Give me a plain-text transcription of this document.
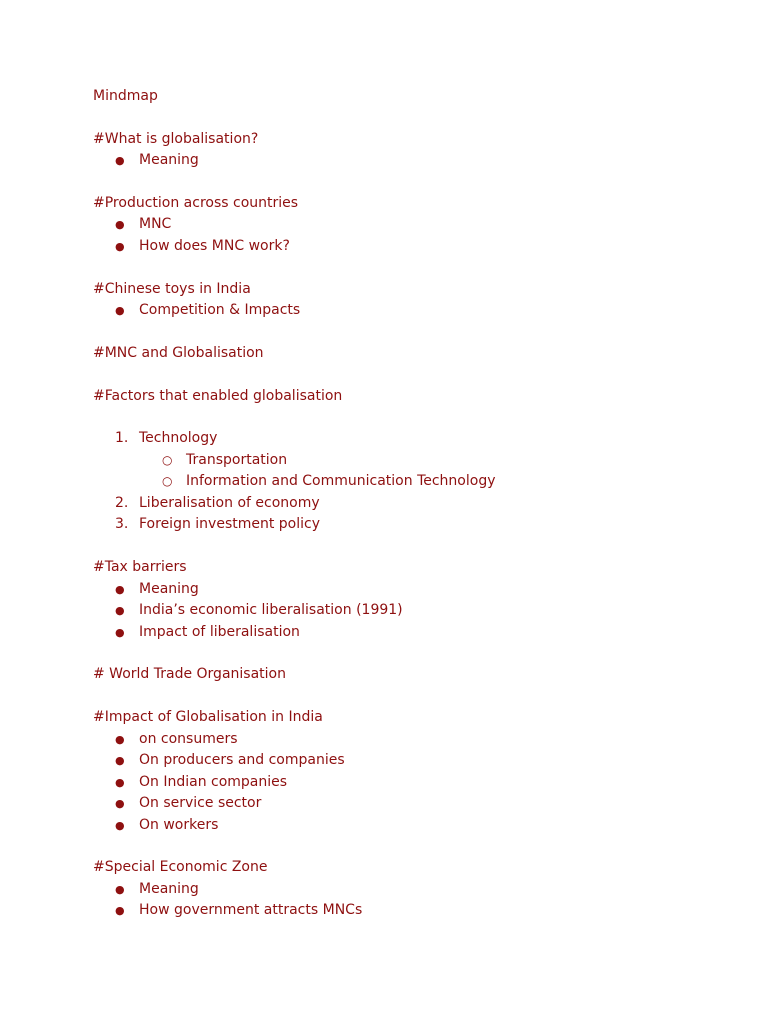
Mindmap
#What is globalisation?
● Meaning
#Production across countries
● MNC
● How does MNC work?
#Chinese toys in India
● Competition & Impacts
#MNC and Globalisation
#Factors that enabled globalisation
1. Technology
○ Transportation
○ Information and Communication Technology
2. Liberalisation of economy
3. Foreign investment policy
#Tax barriers
● Meaning
● India’s economic liberalisation (1991)
● Impact of liberalisation
# World Trade Organisation
#Impact of Globalisation in India
● on consumers
● On producers and companies
● On Indian companies
● On service sector
● On workers
#Special Economic Zone
● Meaning
● How government attracts MNCs
